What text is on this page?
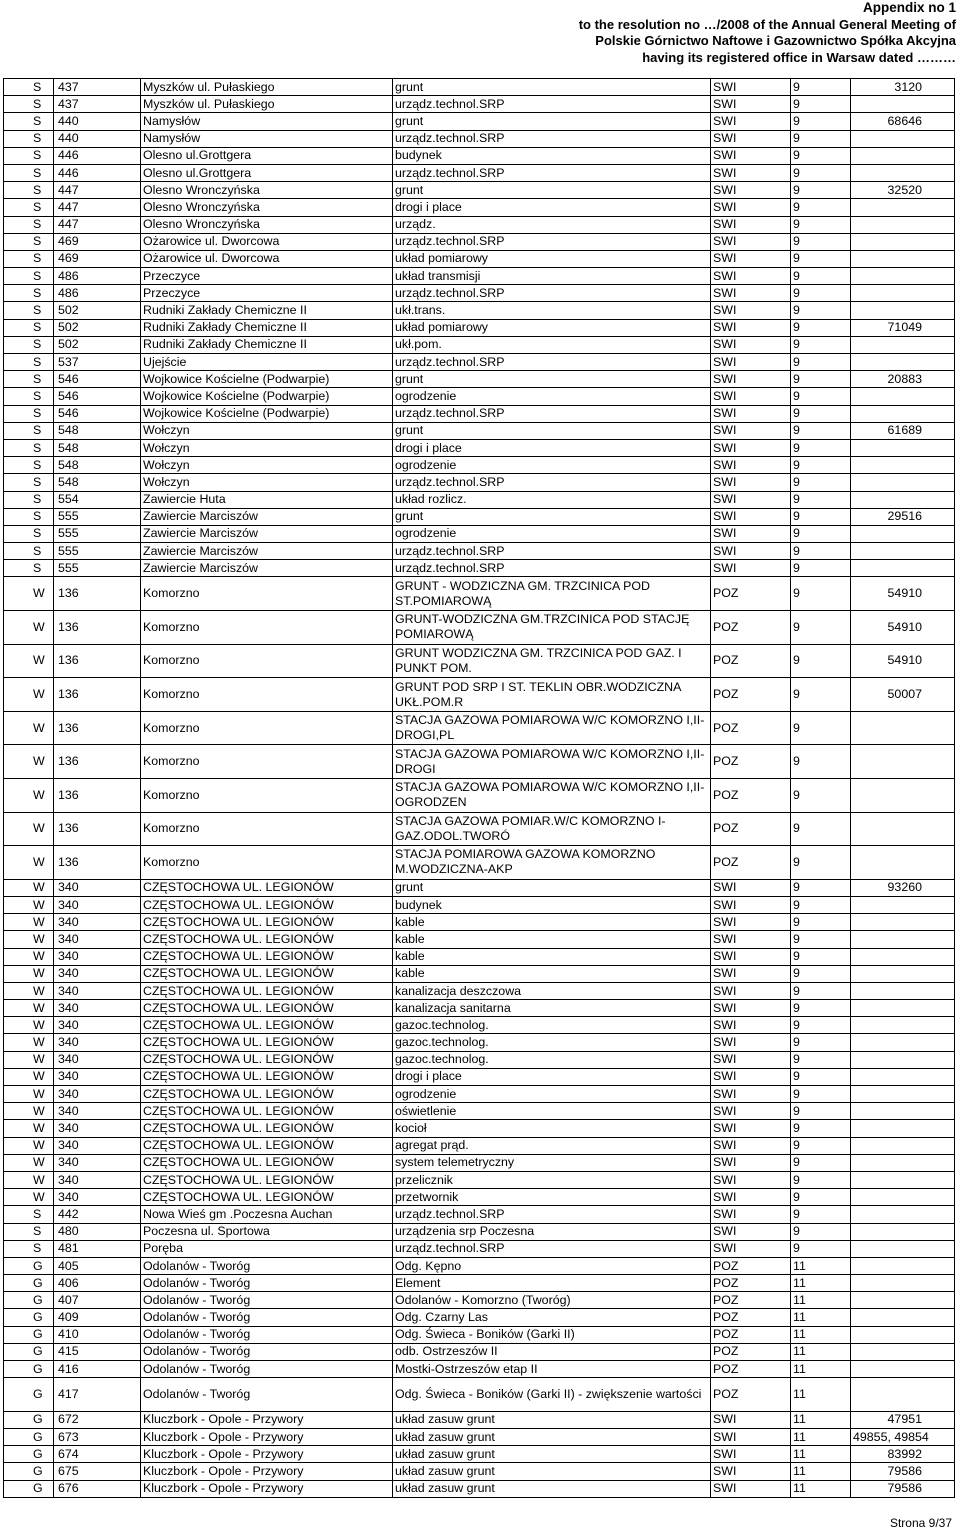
Appendix no 1
to the resolution no …/2008 of the Annual General Meeting of
Polskie Górnictwo Naftowe i Gazownictwo Spółka Akcyjna
having its registered office in Warsaw dated ………
S	437	Myszków ul. Pułaskiego	grunt	SWI	9	3120
S	437	Myszków ul. Pułaskiego	urządz.technol.SRP	SWI	9	
S	440	Namysłów	grunt	SWI	9	68646
S	440	Namysłów	urządz.technol.SRP	SWI	9	
S	446	Olesno ul.Grottgera	budynek	SWI	9	
S	446	Olesno ul.Grottgera	urządz.technol.SRP	SWI	9	
S	447	Olesno Wronczyńska	grunt	SWI	9	32520
S	447	Olesno Wronczyńska	drogi i place	SWI	9	
S	447	Olesno Wronczyńska	urządz.	SWI	9	
S	469	Ożarowice ul. Dworcowa	urządz.technol.SRP	SWI	9	
S	469	Ożarowice ul. Dworcowa	układ pomiarowy	SWI	9	
S	486	Przeczyce	układ transmisji	SWI	9	
S	486	Przeczyce	urządz.technol.SRP	SWI	9	
S	502	Rudniki Zakłady Chemiczne II	ukł.trans.	SWI	9	
S	502	Rudniki Zakłady Chemiczne II	układ pomiarowy	SWI	9	71049
S	502	Rudniki Zakłady Chemiczne II	ukł.pom.	SWI	9	
S	537	Ujejście	urządz.technol.SRP	SWI	9	
S	546	Wojkowice Kościelne (Podwarpie)	grunt	SWI	9	20883
S	546	Wojkowice Kościelne (Podwarpie)	ogrodzenie	SWI	9	
S	546	Wojkowice Kościelne (Podwarpie)	urządz.technol.SRP	SWI	9	
S	548	Wołczyn	grunt	SWI	9	61689
S	548	Wołczyn	drogi i place	SWI	9	
S	548	Wołczyn	ogrodzenie	SWI	9	
S	548	Wołczyn	urządz.technol.SRP	SWI	9	
S	554	Zawiercie Huta	układ rozlicz.	SWI	9	
S	555	Zawiercie Marciszów	grunt	SWI	9	29516
S	555	Zawiercie Marciszów	ogrodzenie	SWI	9	
S	555	Zawiercie Marciszów	urządz.technol.SRP	SWI	9	
S	555	Zawiercie Marciszów	urządz.technol.SRP	SWI	9	
W	136	Komorzno	GRUNT - WODZICZNA GM. TRZCINICA POD ST.POMIAROWĄ	POZ	9	54910
W	136	Komorzno	GRUNT-WODZICZNA GM.TRZCINICA POD STACJĘ POMIAROWĄ	POZ	9	54910
W	136	Komorzno	GRUNT WODZICZNA GM. TRZCINICA POD GAZ. I PUNKT POM.	POZ	9	54910
W	136	Komorzno	GRUNT POD SRP I ST. TEKLIN OBR.WODZICZNA UKŁ.POM.R	POZ	9	50007
W	136	Komorzno	STACJA GAZOWA POMIAROWA W/C KOMORZNO I,II-DROGI,PL	POZ	9	
W	136	Komorzno	STACJA GAZOWA POMIAROWA W/C KOMORZNO I,II-DROGI	POZ	9	
W	136	Komorzno	STACJA GAZOWA POMIAROWA W/C KOMORZNO I,II-OGRODZEN	POZ	9	
W	136	Komorzno	STACJA GAZOWA POMIAR.W/C KOMORZNO I-GAZ.ODOL.TWORÓ	POZ	9	
W	136	Komorzno	STACJA POMIAROWA GAZOWA KOMORZNO M.WODZICZNA-AKP	POZ	9	
W	340	CZĘSTOCHOWA UL. LEGIONÓW	grunt	SWI	9	93260
W	340	CZĘSTOCHOWA UL. LEGIONÓW	budynek	SWI	9	
W	340	CZĘSTOCHOWA UL. LEGIONÓW	kable	SWI	9	
W	340	CZĘSTOCHOWA UL. LEGIONÓW	kable	SWI	9	
W	340	CZĘSTOCHOWA UL. LEGIONÓW	kable	SWI	9	
W	340	CZĘSTOCHOWA UL. LEGIONÓW	kable	SWI	9	
W	340	CZĘSTOCHOWA UL. LEGIONÓW	kanalizacja deszczowa	SWI	9	
W	340	CZĘSTOCHOWA UL. LEGIONÓW	kanalizacja sanitarna	SWI	9	
W	340	CZĘSTOCHOWA UL. LEGIONÓW	gazoc.technolog.	SWI	9	
W	340	CZĘSTOCHOWA UL. LEGIONÓW	gazoc.technolog.	SWI	9	
W	340	CZĘSTOCHOWA UL. LEGIONÓW	gazoc.technolog.	SWI	9	
W	340	CZĘSTOCHOWA UL. LEGIONÓW	drogi i place	SWI	9	
W	340	CZĘSTOCHOWA UL. LEGIONÓW	ogrodzenie	SWI	9	
W	340	CZĘSTOCHOWA UL. LEGIONÓW	oświetlenie	SWI	9	
W	340	CZĘSTOCHOWA UL. LEGIONÓW	kocioł	SWI	9	
W	340	CZĘSTOCHOWA UL. LEGIONÓW	agregat prąd.	SWI	9	
W	340	CZĘSTOCHOWA UL. LEGIONÓW	system telemetryczny	SWI	9	
W	340	CZĘSTOCHOWA UL. LEGIONÓW	przelicznik	SWI	9	
W	340	CZĘSTOCHOWA UL. LEGIONÓW	przetwornik	SWI	9	
S	442	Nowa Wieś gm .Poczesna Auchan	urządz.technol.SRP	SWI	9	
S	480	Poczesna ul. Sportowa	urządzenia srp Poczesna	SWI	9	
S	481	Poręba	urządz.technol.SRP	SWI	9	
G	405	Odolanów - Tworóg	Odg. Kępno	POZ	11	
G	406	Odolanów - Tworóg	Element	POZ	11	
G	407	Odolanów - Tworóg	Odolanów - Komorzno (Tworóg)	POZ	11	
G	409	Odolanów - Tworóg	Odg. Czarny Las	POZ	11	
G	410	Odolanów - Tworóg	Odg. Świeca - Boników (Garki II)	POZ	11	
G	415	Odolanów - Tworóg	odb. Ostrzeszów II	POZ	11	
G	416	Odolanów - Tworóg	Mostki-Ostrzeszów etap II	POZ	11	
G	417	Odolanów - Tworóg	Odg. Świeca - Boników (Garki II) - zwiększenie wartości	POZ	11	
G	672	Kluczbork - Opole - Przywory	układ zasuw grunt	SWI	11	47951
G	673	Kluczbork - Opole - Przywory	układ zasuw grunt	SWI	11	49855, 49854
G	674	Kluczbork - Opole - Przywory	układ zasuw grunt	SWI	11	83992
G	675	Kluczbork - Opole - Przywory	układ zasuw grunt	SWI	11	79586
G	676	Kluczbork - Opole - Przywory	układ zasuw grunt	SWI	11	79586
Strona 9/37
